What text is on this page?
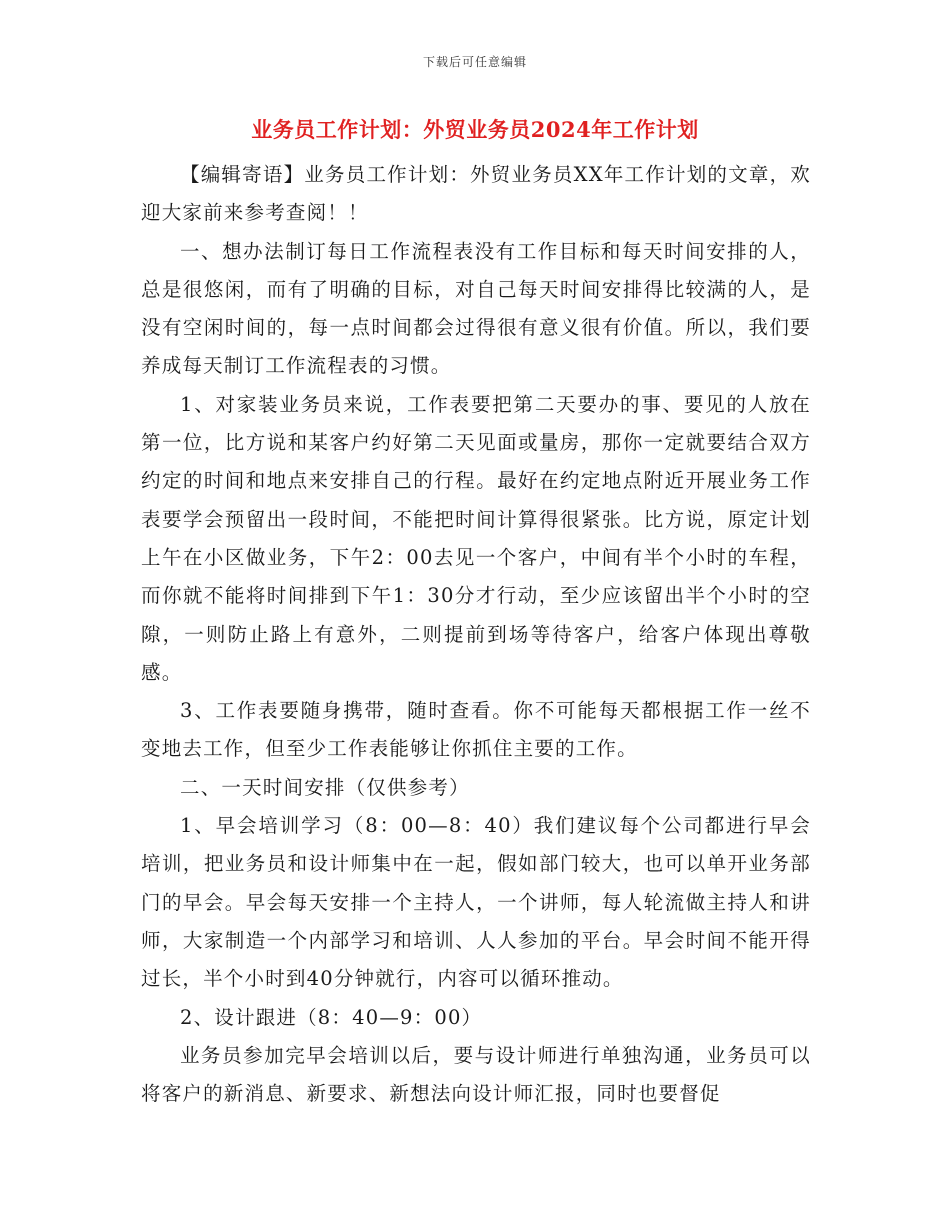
下载后可任意编辑
业务员工作计划：外贸业务员2024年工作计划

【编辑寄语】业务员工作计划：外贸业务员XX年工作计划的文章，欢迎大家前来参考查阅！！

一、想办法制订每日工作流程表没有工作目标和每天时间安排的人，总是很悠闲，而有了明确的目标，对自己每天时间安排得比较满的人，是没有空闲时间的，每一点时间都会过得很有意义很有价值。所以，我们要养成每天制订工作流程表的习惯。

1、对家装业务员来说，工作表要把第二天要办的事、要见的人放在第一位，比方说和某客户约好第二天见面或量房，那你一定就要结合双方约定的时间和地点来安排自己的行程。最好在约定地点附近开展业务工作表要学会预留出一段时间，不能把时间计算得很紧张。比方说，原定计划上午在小区做业务，下午2：00去见一个客户，中间有半个小时的车程，而你就不能将时间排到下午1：30分才行动，至少应该留出半个小时的空隙，一则防止路上有意外，二则提前到场等待客户，给客户体现出尊敬感。

3、工作表要随身携带，随时查看。你不可能每天都根据工作一丝不变地去工作，但至少工作表能够让你抓住主要的工作。

二、一天时间安排（仅供参考）

1、早会培训学习（8：00—8：40）我们建议每个公司都进行早会培训，把业务员和设计师集中在一起，假如部门较大，也可以单开业务部门的早会。早会每天安排一个主持人，一个讲师，每人轮流做主持人和讲师，大家制造一个内部学习和培训、人人参加的平台。早会时间不能开得过长，半个小时到40分钟就行，内容可以循环推动。

2、设计跟进（8：40—9：00）

业务员参加完早会培训以后，要与设计师进行单独沟通，业务员可以将客户的新消息、新要求、新想法向设计师汇报，同时也要督促
